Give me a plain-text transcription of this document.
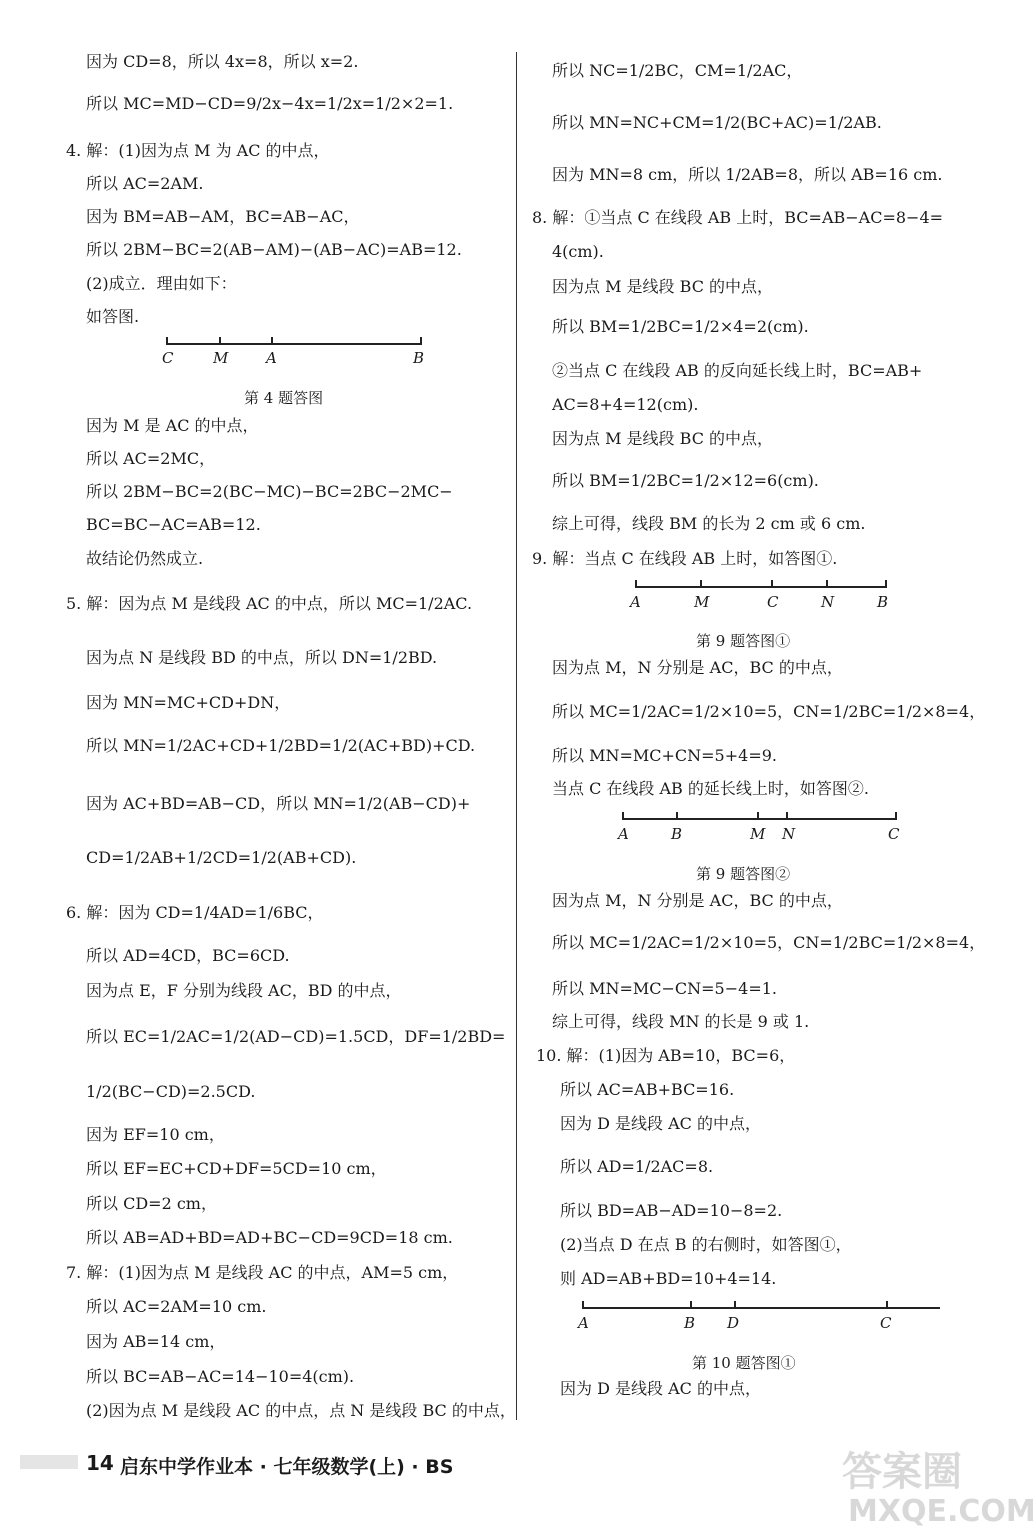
因为 CD=8，所以 4x=8，所以 x=2.
所以 MC=MD−CD=9/2x−4x=1/2x=1/2×2=1.
4. 解：(1)因为点 M 为 AC 的中点，
所以 AC=2AM.
因为 BM=AB−AM，BC=AB−AC，
所以 2BM−BC=2(AB−AM)−(AB−AC)=AB=12.
(2)成立．理由如下：
如答图.
C	M	A	B
第 4 题答图
因为 M 是 AC 的中点，
所以 AC=2MC，
所以 2BM−BC=2(BC−MC)−BC=2BC−2MC−
BC=BC−AC=AB=12.
故结论仍然成立.
5. 解：因为点 M 是线段 AC 的中点，所以 MC=1/2AC.
因为点 N 是线段 BD 的中点，所以 DN=1/2BD.
因为 MN=MC+CD+DN，
所以 MN=1/2AC+CD+1/2BD=1/2(AC+BD)+CD.
因为 AC+BD=AB−CD，所以 MN=1/2(AB−CD)+
CD=1/2AB+1/2CD=1/2(AB+CD).
6. 解：因为 CD=1/4AD=1/6BC，
所以 AD=4CD，BC=6CD.
因为点 E，F 分别为线段 AC，BD 的中点，
所以 EC=1/2AC=1/2(AD−CD)=1.5CD，DF=1/2BD=
1/2(BC−CD)=2.5CD.
因为 EF=10 cm，
所以 EF=EC+CD+DF=5CD=10 cm，
所以 CD=2 cm，
所以 AB=AD+BD=AD+BC−CD=9CD=18 cm.
7. 解：(1)因为点 M 是线段 AC 的中点，AM=5 cm，
所以 AC=2AM=10 cm.
因为 AB=14 cm，
所以 BC=AB−AC=14−10=4(cm).
(2)因为点 M 是线段 AC 的中点，点 N 是线段 BC 的中点，
所以 NC=1/2BC，CM=1/2AC，
所以 MN=NC+CM=1/2(BC+AC)=1/2AB.
因为 MN=8 cm，所以 1/2AB=8，所以 AB=16 cm.
8. 解：①当点 C 在线段 AB 上时，BC=AB−AC=8−4=
4(cm).
因为点 M 是线段 BC 的中点，
所以 BM=1/2BC=1/2×4=2(cm).
②当点 C 在线段 AB 的反向延长线上时，BC=AB+
AC=8+4=12(cm).
因为点 M 是线段 BC 的中点，
所以 BM=1/2BC=1/2×12=6(cm).
综上可得，线段 BM 的长为 2 cm 或 6 cm.
9. 解：当点 C 在线段 AB 上时，如答图①.
A	M	C	N	B
第 9 题答图①
因为点 M，N 分别是 AC，BC 的中点，
所以 MC=1/2AC=1/2×10=5，CN=1/2BC=1/2×8=4，
所以 MN=MC+CN=5+4=9.
当点 C 在线段 AB 的延长线上时，如答图②.
A	B	M N	C
第 9 题答图②
因为点 M，N 分别是 AC，BC 的中点，
所以 MC=1/2AC=1/2×10=5，CN=1/2BC=1/2×8=4，
所以 MN=MC−CN=5−4=1.
综上可得，线段 MN 的长是 9 或 1.
10. 解：(1)因为 AB=10，BC=6，
所以 AC=AB+BC=16.
因为 D 是线段 AC 的中点，
所以 AD=1/2AC=8.
所以 BD=AB−AD=10−8=2.
(2)当点 D 在点 B 的右侧时，如答图①，
则 AD=AB+BD=10+4=14.
A	B D	C
第 10 题答图①
因为 D 是线段 AC 的中点，
14 启东中学作业本 · 七年级数学(上) · BS	答案圈
MXQE.COM
